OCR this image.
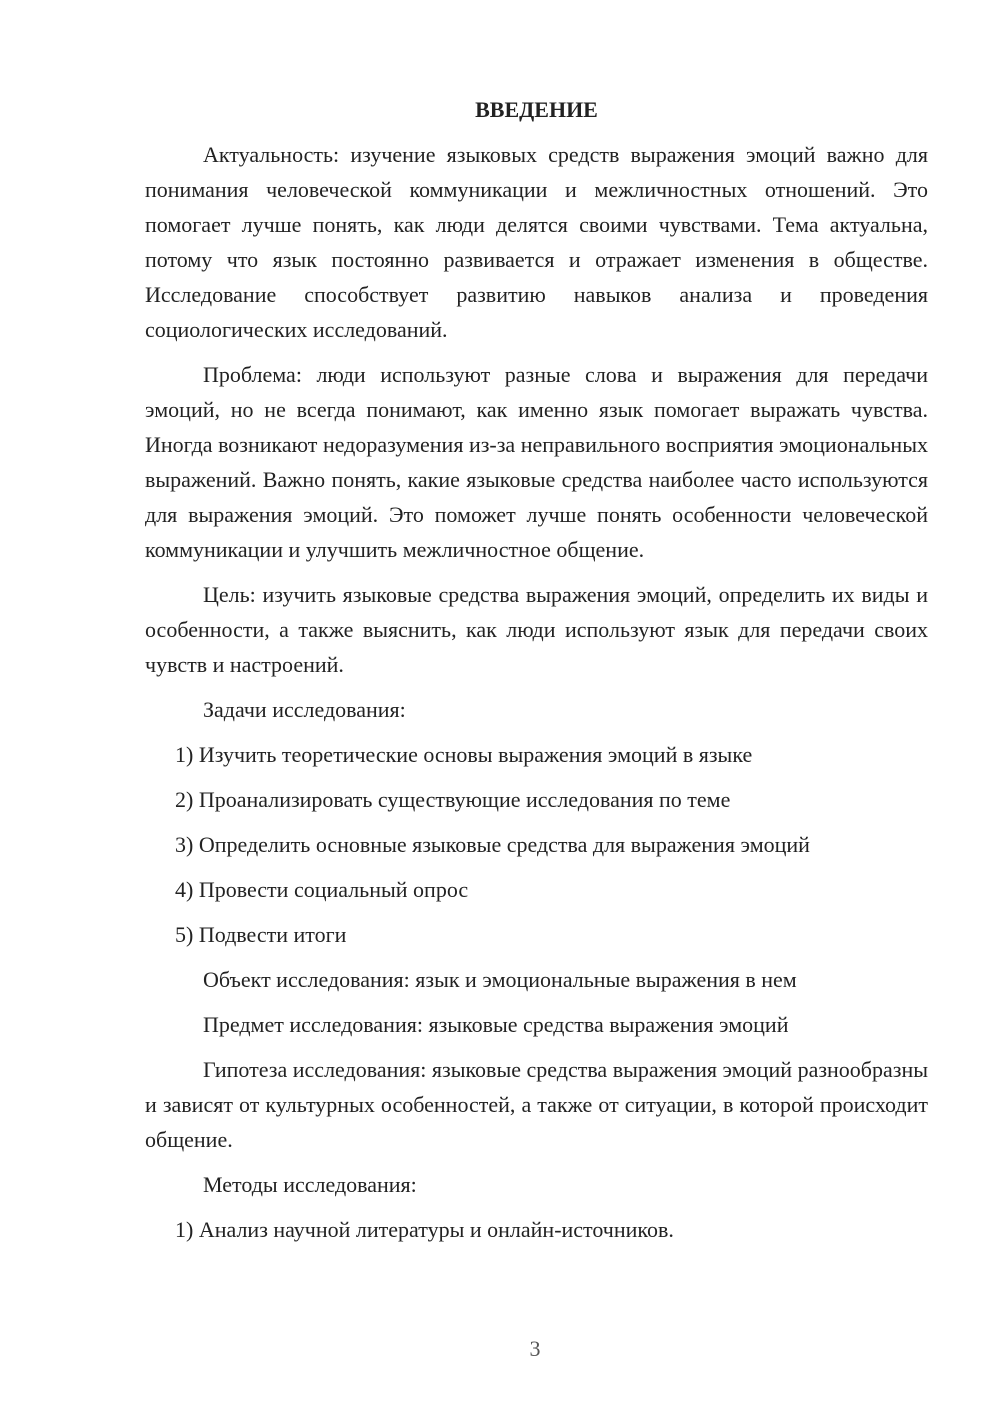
ВВЕДЕНИЕ
Актуальность: изучение языковых средств выражения эмоций важно для понимания человеческой коммуникации и межличностных отношений. Это помогает лучше понять, как люди делятся своими чувствами. Тема актуальна, потому что язык постоянно развивается и отражает изменения в обществе. Исследование способствует развитию навыков анализа и проведения социологических исследований.
Проблема: люди используют разные слова и выражения для передачи эмоций, но не всегда понимают, как именно язык помогает выражать чувства. Иногда возникают недоразумения из-за неправильного восприятия эмоциональных выражений. Важно понять, какие языковые средства наиболее часто используются для выражения эмоций. Это поможет лучше понять особенности человеческой коммуникации и улучшить межличностное общение.
Цель: изучить языковые средства выражения эмоций, определить их виды и особенности, а также выяснить, как люди используют язык для передачи своих чувств и настроений.
Задачи исследования:
1) Изучить теоретические основы выражения эмоций в языке
2) Проанализировать существующие исследования по теме
3) Определить основные языковые средства для выражения эмоций
4) Провести социальный опрос
5) Подвести итоги
Объект исследования: язык и эмоциональные выражения в нем
Предмет исследования: языковые средства выражения эмоций
Гипотеза исследования: языковые средства выражения эмоций разнообразны и зависят от культурных особенностей, а также от ситуации, в которой происходит общение.
Методы исследования:
1) Анализ научной литературы и онлайн-источников.
3
